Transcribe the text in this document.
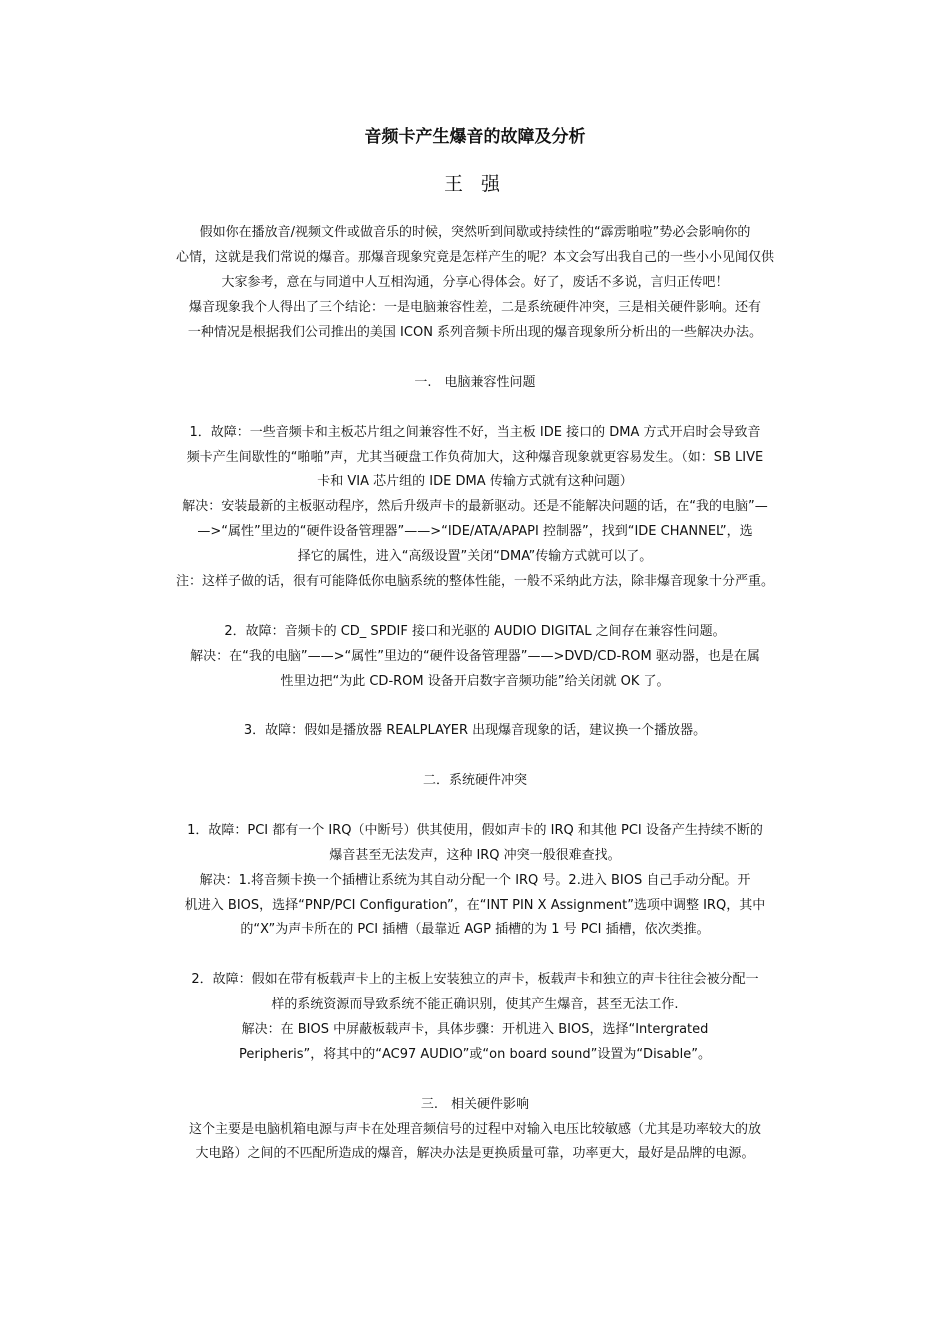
音频卡产生爆音的故障及分析
王 强
假如你在播放音/视频文件或做音乐的时候，突然听到间歇或持续性的“霹雳啪啦”势必会影响你的
心情，这就是我们常说的爆音。那爆音现象究竟是怎样产生的呢？本文会写出我自己的一些小小见闻仅供
大家参考，意在与同道中人互相沟通，分享心得体会。好了，废话不多说，言归正传吧！
爆音现象我个人得出了三个结论：一是电脑兼容性差，二是系统硬件冲突，三是相关硬件影响。还有
一种情况是根据我们公司推出的美国 ICON 系列音频卡所出现的爆音现象所分析出的一些解决办法。
一.　电脑兼容性问题
1．故障：一些音频卡和主板芯片组之间兼容性不好，当主板 IDE 接口的 DMA 方式开启时会导致音
频卡产生间歇性的“啪啪”声，尤其当硬盘工作负荷加大，这种爆音现象就更容易发生。（如：SB LIVE
卡和 VIA 芯片组的 IDE DMA 传输方式就有这种问题）
解决：安装最新的主板驱动程序，然后升级声卡的最新驱动。还是不能解决问题的话，在“我的电脑”—
—>“属性”里边的“硬件设备管理器”——>“IDE/ATA/APAPI 控制器”，找到“IDE CHANNEL”，选
择它的属性，进入“高级设置”关闭“DMA”传输方式就可以了。
注：这样子做的话，很有可能降低你电脑系统的整体性能，一般不采纳此方法，除非爆音现象十分严重。
2．故障：音频卡的 CD_ SPDIF 接口和光驱的 AUDIO DIGITAL 之间存在兼容性问题。
解决：在“我的电脑”——>“属性”里边的“硬件设备管理器”——>DVD/CD-ROM 驱动器，也是在属
性里边把“为此 CD-ROM 设备开启数字音频功能”给关闭就 OK 了。
3．故障：假如是播放器 REALPLAYER 出现爆音现象的话，建议换一个播放器。
二．系统硬件冲突
1．故障：PCI 都有一个 IRQ（中断号）供其使用，假如声卡的 IRQ 和其他 PCI 设备产生持续不断的
爆音甚至无法发声，这种 IRQ 冲突一般很难查找。
解决：1.将音频卡换一个插槽让系统为其自动分配一个 IRQ 号。2.进入 BIOS 自己手动分配。开
机进入 BIOS，选择“PNP/PCI Configuration”，在“INT PIN X Assignment”选项中调整 IRQ，其中
的“X”为声卡所在的 PCI 插槽（最靠近 AGP 插槽的为 1 号 PCI 插槽，依次类推。
2．故障：假如在带有板载声卡上的主板上安装独立的声卡，板载声卡和独立的声卡往往会被分配一
样的系统资源而导致系统不能正确识别，使其产生爆音，甚至无法工作.
解决：在 BIOS 中屏蔽板载声卡，具体步骤：开机进入 BIOS，选择“Intergrated
Peripheris”，将其中的“AC97 AUDIO”或“on board sound”设置为“Disable”。
三.　相关硬件影响
这个主要是电脑机箱电源与声卡在处理音频信号的过程中对输入电压比较敏感（尤其是功率较大的放
大电路）之间的不匹配所造成的爆音，解决办法是更换质量可靠，功率更大，最好是品牌的电源。
